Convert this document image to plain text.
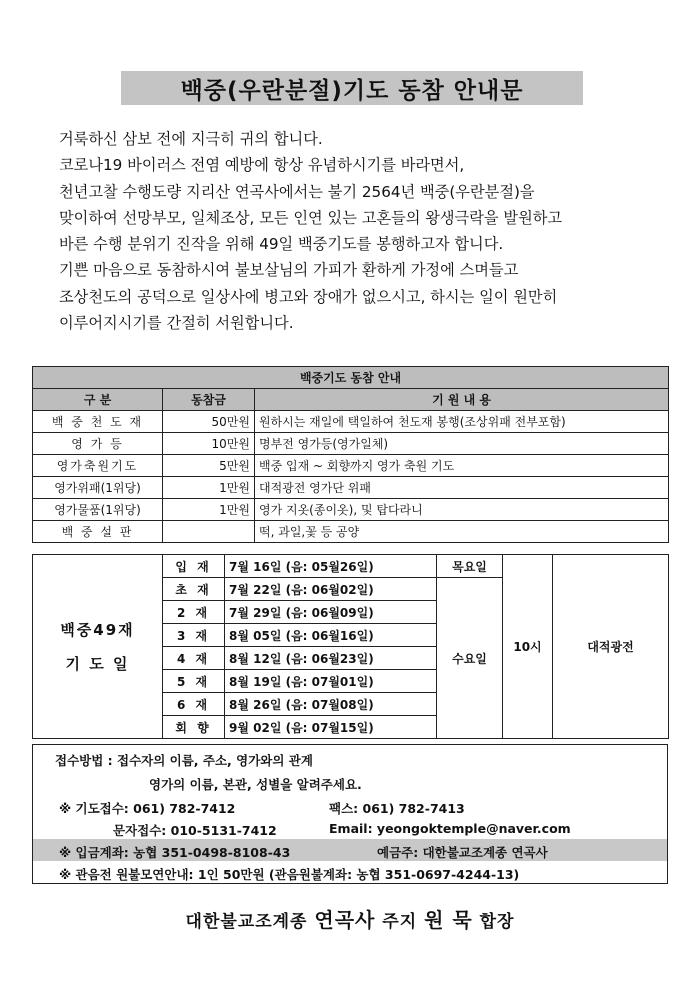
백중(우란분절)기도 동참 안내문
거룩하신 삼보 전에 지극히 귀의 합니다.
코로나19 바이러스 전염 예방에 항상 유념하시기를 바라면서,
천년고찰 수행도량 지리산 연곡사에서는 불기 2564년 백중(우란분절)을
맞이하여 선망부모, 일체조상, 모든 인연 있는 고혼들의 왕생극락을 발원하고
바른 수행 분위기 진작을 위해 49일 백중기도를 봉행하고자 합니다.
기쁜 마음으로 동참하시여 불보살님의 가피가 환하게 가정에 스며들고
조상천도의 공덕으로 일상사에 병고와 장애가 없으시고, 하시는 일이 원만히
이루어지시기를 간절히 서원합니다.
백중기도 동참 안내		
구 분	동참금	기 원 내 용
백 중 천 도 재	50만원	원하시는 재일에 택일하여 천도재 봉행(조상위패 전부포함)
영 가 등	10만원	명부전 영가등(영가일체)
영가축원기도	5만원	백중 입재 ~ 회향까지 영가 축원 기도
영가위패(1위당)	1만원	대적광전 영가단 위패
영가물품(1위당)	1만원	영가 지옷(종이옷), 및 탑다라니
백 중 설 판		떡, 과일,꽃 등 공양
백중49재
기 도 일	입 재	7월 16일 (음: 05월26일)	목요일	10시	대적광전
	초 재	7월 22일 (음: 06월02일)	수요일		
	2 재	7월 29일 (음: 06월09일)			
	3 재	8월 05일 (음: 06월16일)			
	4 재	8월 12일 (음: 06월23일)			
	5 재	8월 19일 (음: 07월01일)			
	6 재	8월 26일 (음: 07월08일)			
	회 향	9월 02일 (음: 07월15일)			
접수방법 : 접수자의 이름, 주소, 영가와의 관계
영가의 이름, 본관, 성별을 알려주세요.
※ 기도접수: 061) 782-7412	팩스: 061) 782-7413
문자접수: 010-5131-7412	Email: yeongoktemple@naver.com
※ 입금계좌: 농협 351-0498-8108-43	예금주: 대한불교조계종 연곡사
※ 관음전 원불모연안내: 1인 50만원 (관음원불계좌: 농협 351-0697-4244-13)
대한불교조계종 연곡사 주지 원 묵 합장
